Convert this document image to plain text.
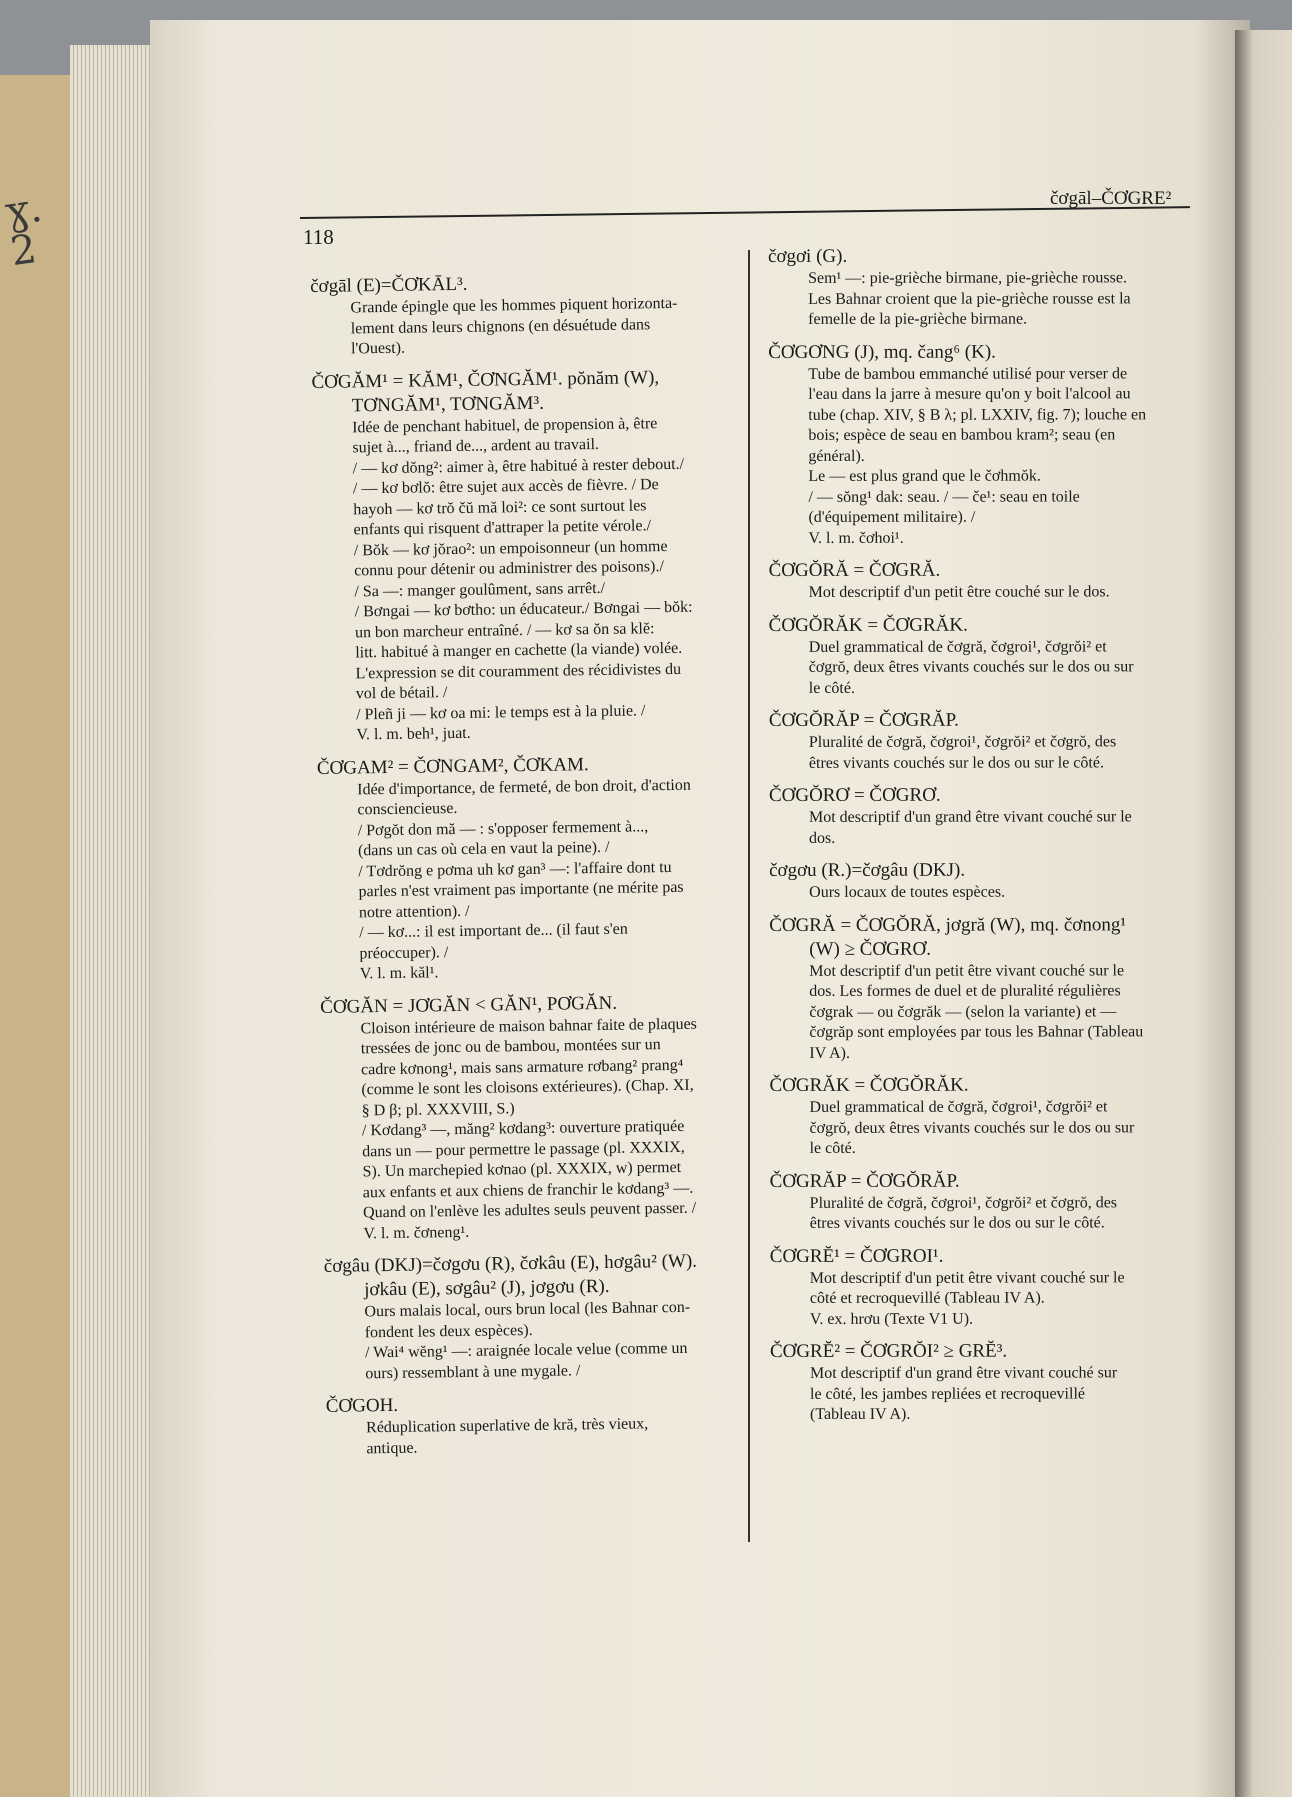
ɣ.
2
čơgāl–ČƠGRE²
118
čơgāl (E)=ČƠKĀL³.
Grande épingle que les hommes piquent horizonta-
lement dans leurs chignons (en désuétude dans
l'Ouest).
ČƠGĂM¹ = KĂM¹, ČƠNGĂM¹. pŏnăm (W),
TƠNGĂM¹, TƠNGĂM³.
Idée de penchant habituel, de propension à, être
sujet à..., friand de..., ardent au travail.
/ — kơ dŏng²: aimer à, être habitué à rester debout./
/ — kơ bơlŏ: être sujet aux accès de fièvre. / De
hayoh — kơ trŏ čŭ mă loi²: ce sont surtout les
enfants qui risquent d'attraper la petite vérole./
/ Bŏk — kơ jŏrao²: un empoisonneur (un homme
connu pour détenir ou administrer des poisons)./
/ Sa —: manger goulûment, sans arrêt./
/ Bơngai — kơ bơtho: un éducateur./ Bơngai — bŏk:
un bon marcheur entraîné. / — kơ sa ŏn sa klĕ:
litt. habitué à manger en cachette (la viande) volée.
L'expression se dit couramment des récidivistes du
vol de bétail. /
/ Pleñ ji — kơ oa mi: le temps est à la pluie. /
V. l. m. beh¹, juat.
ČƠGAM² = ČƠNGAM², ČƠKAM.
Idée d'importance, de fermeté, de bon droit, d'action
consciencieuse.
/ Pơgŏt don mă — : s'opposer fermement à...,
(dans un cas où cela en vaut la peine). /
/ Tơdrŏng e pơma uh kơ gan³ —: l'affaire dont tu
parles n'est vraiment pas importante (ne mérite pas
notre attention). /
/ — kơ...: il est important de... (il faut s'en
préoccuper). /
V. l. m. kăl¹.
ČƠGĂN = JƠGĂN < GĂN¹, PƠGĂN.
Cloison intérieure de maison bahnar faite de plaques
tressées de jonc ou de bambou, montées sur un
cadre kơnong¹, mais sans armature rơbang² prang⁴
(comme le sont les cloisons extérieures). (Chap. XI,
§ D β; pl. XXXVIII, S.)
/ Kơdang³ —, măng² kơdang³: ouverture pratiquée
dans un — pour permettre le passage (pl. XXXIX,
S). Un marchepied kơnao (pl. XXXIX, w) permet
aux enfants et aux chiens de franchir le kơdang³ —.
Quand on l'enlève les adultes seuls peuvent passer. /
V. l. m. čơneng¹.
čơgâu (DKJ)=čơgơu (R), čơkâu (E), hơgâu² (W).
jơkâu (E), sơgâu² (J), jơgơu (R).
Ours malais local, ours brun local (les Bahnar con-
fondent les deux espèces).
/ Wai⁴ wĕng¹ —: araignée locale velue (comme un
ours) ressemblant à une mygale. /
ČƠGOH.
Réduplication superlative de kră, très vieux,
antique.
čơgơi (G).
Sem¹ —: pie-grièche birmane, pie-grièche rousse.
Les Bahnar croient que la pie-grièche rousse est la
femelle de la pie-grièche birmane.
ČƠGƠNG (J), mq. čang⁶ (K).
Tube de bambou emmanché utilisé pour verser de
l'eau dans la jarre à mesure qu'on y boit l'alcool au
tube (chap. XIV, § B λ; pl. LXXIV, fig. 7); louche en
bois; espèce de seau en bambou kram²; seau (en
général).
Le — est plus grand que le čơhmŏk.
/ — sŏng¹ dak: seau. / — če¹: seau en toile
(d'équipement militaire). /
V. l. m. čơhoi¹.
ČƠGŎRĂ = ČƠGRĂ.
Mot descriptif d'un petit être couché sur le dos.
ČƠGŎRĂK = ČƠGRĂK.
Duel grammatical de čơgră, čơgroi¹, čơgrŏi² et
čơgrŏ, deux êtres vivants couchés sur le dos ou sur
le côté.
ČƠGŎRĂP = ČƠGRĂP.
Pluralité de čơgră, čơgroi¹, čơgrŏi² et čơgrŏ, des
êtres vivants couchés sur le dos ou sur le côté.
ČƠGŎRƠ = ČƠGRƠ.
Mot descriptif d'un grand être vivant couché sur le
dos.
čơgơu (R.)=čơgâu (DKJ).
Ours locaux de toutes espèces.
ČƠGRĂ = ČƠGŎRĂ, jơgră (W), mq. čơnong¹
(W) ≥ ČƠGRƠ.
Mot descriptif d'un petit être vivant couché sur le
dos. Les formes de duel et de pluralité régulières
čơgrak — ou čơgrăk — (selon la variante) et —
čơgrăp sont employées par tous les Bahnar (Tableau
IV A).
ČƠGRĂK = ČƠGŎRĂK.
Duel grammatical de čơgră, čơgroi¹, čơgrŏi² et
čơgrŏ, deux êtres vivants couchés sur le dos ou sur
le côté.
ČƠGRĂP = ČƠGŎRĂP.
Pluralité de čơgră, čơgroi¹, čơgrŏi² et čơgrŏ, des
êtres vivants couchés sur le dos ou sur le côté.
ČƠGRĔ¹ = ČƠGROI¹.
Mot descriptif d'un petit être vivant couché sur le
côté et recroquevillé (Tableau IV A).
V. ex. hrơu (Texte V1 U).
ČƠGRĔ² = ČƠGRŎI² ≥ GRĔ³.
Mot descriptif d'un grand être vivant couché sur
le côté, les jambes repliées et recroquevillé
(Tableau IV A).
